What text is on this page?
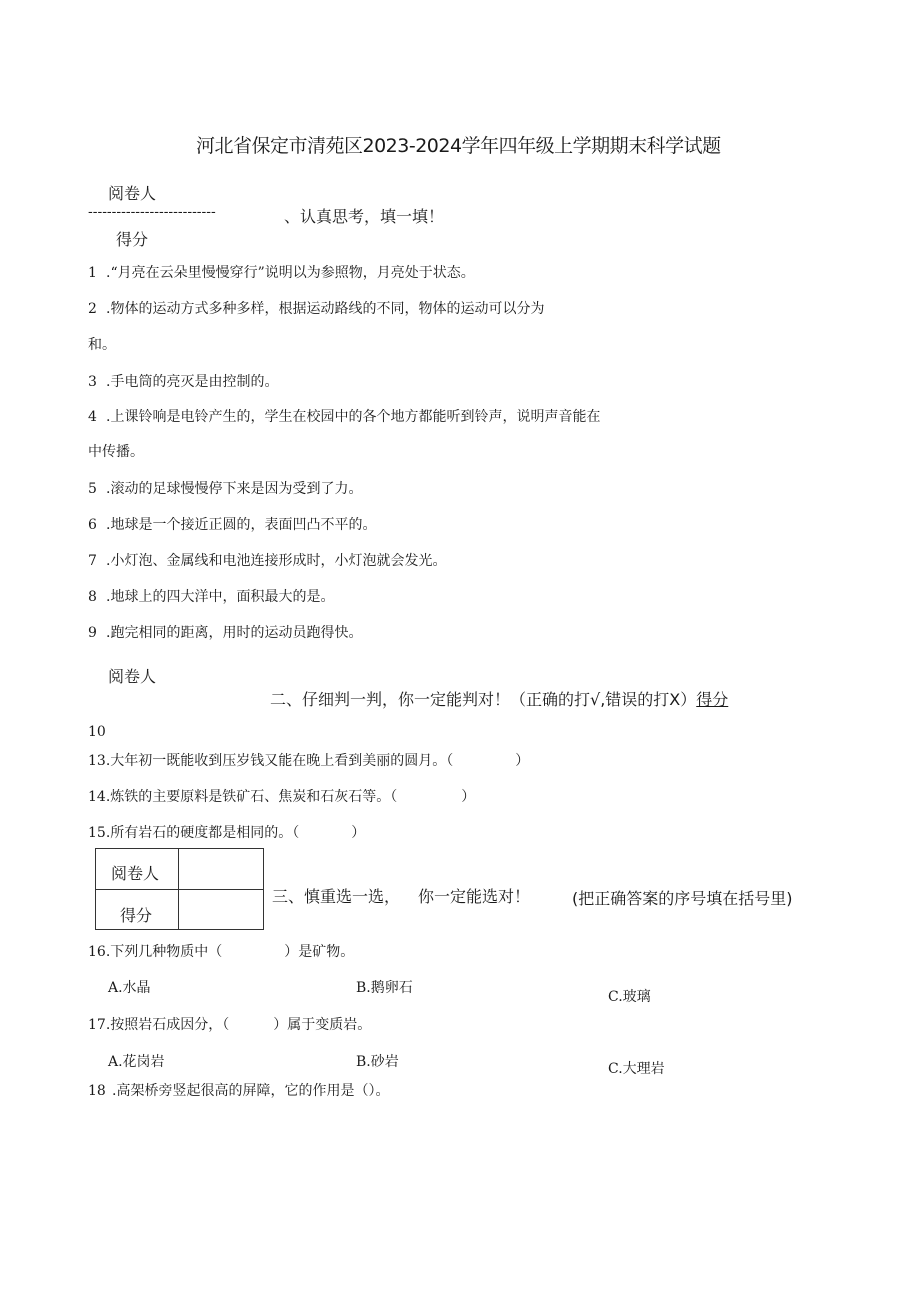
河北省保定市清苑区2023-2024学年四年级上学期期末科学试题
阅卷人
---------------------------	、认真思考，填一填！
得分
1 .“月亮在云朵里慢慢穿行”说明以为参照物，月亮处于状态。
2 .物体的运动方式多种多样，根据运动路线的不同，物体的运动可以分为
和。
3 .手电筒的亮灭是由控制的。
4 .上课铃响是电铃产生的，学生在校园中的各个地方都能听到铃声，说明声音能在
中传播。
5 .滚动的足球慢慢停下来是因为受到了力。
6 .地球是一个接近正圆的，表面凹凸不平的。
7 .小灯泡、金属线和电池连接形成时，小灯泡就会发光。
8 .地球上的四大洋中，面积最大的是。
9 .跑完相同的距离，用时的运动员跑得快。
阅卷人
二、仔细判一判，你一定能判对！（正确的打√,错误的打X）得分
10
13.大年初一既能收到压岁钱又能在晚上看到美丽的圆月。（	）
14.炼铁的主要原料是铁矿石、焦炭和石灰石等。（	）
15.所有岩石的硬度都是相同的。（	）
阅卷人
得分
三、慎重选一选， 你一定能选对！	(把正确答案的序号填在括号里)
16.下列几种物质中（	）是矿物。
A.水晶	B.鹅卵石
C.玻璃
17.按照岩石成因分，（	）属于变质岩。
A.花岗岩	B.砂岩	C.大理岩
18 .高架桥旁竖起很高的屏障，它的作用是（）。
